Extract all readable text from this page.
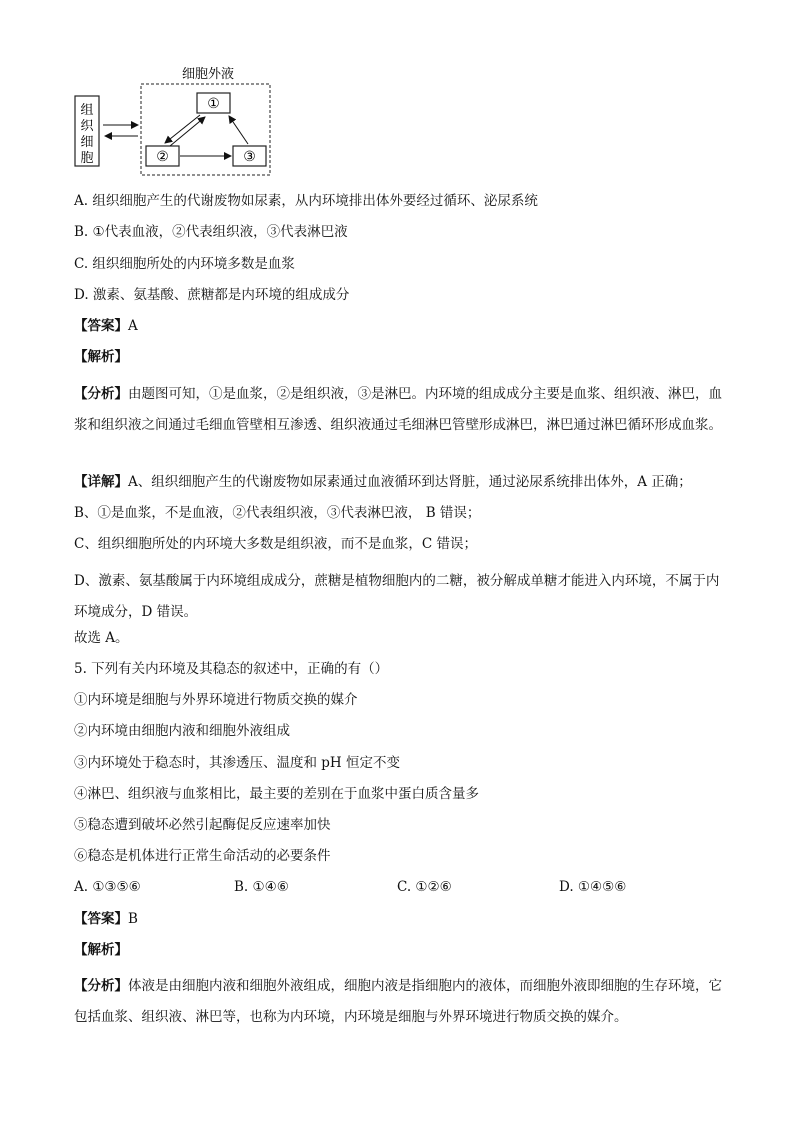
细胞外液
组
织
细
胞
①
②	③
A. 组织细胞产生的代谢废物如尿素，从内环境排出体外要经过循环、泌尿系统
B. ①代表血液，②代表组织液，③代表淋巴液
C. 组织细胞所处的内环境多数是血浆
D. 激素、氨基酸、蔗糖都是内环境的组成成分
【答案】A
【解析】
【分析】由题图可知，①是血浆，②是组织液，③是淋巴。内环境的组成成分主要是血浆、组织液、淋巴，血浆和组织液之间通过毛细血管壁相互渗透、组织液通过毛细淋巴管壁形成淋巴，淋巴通过淋巴循环形成血浆。
【详解】A、组织细胞产生的代谢废物如尿素通过血液循环到达肾脏，通过泌尿系统排出体外，A 正确；
B、①是血浆，不是血液，②代表组织液，③代表淋巴液， B 错误；
C、组织细胞所处的内环境大多数是组织液，而不是血浆，C 错误；
D、激素、氨基酸属于内环境组成成分，蔗糖是植物细胞内的二糖，被分解成单糖才能进入内环境，不属于内环境成分，D 错误。
故选 A。
5. 下列有关内环境及其稳态的叙述中，正确的有（）
①内环境是细胞与外界环境进行物质交换的媒介
②内环境由细胞内液和细胞外液组成
③内环境处于稳态时，其渗透压、温度和 pH 恒定不变
④淋巴、组织液与血浆相比，最主要的差别在于血浆中蛋白质含量多
⑤稳态遭到破坏必然引起酶促反应速率加快
⑥稳态是机体进行正常生命活动的必要条件
A. ①③⑤⑥	B. ①④⑥	C. ①②⑥	D. ①④⑤⑥
【答案】B
【解析】
【分析】体液是由细胞内液和细胞外液组成，细胞内液是指细胞内的液体，而细胞外液即细胞的生存环境，它包括血浆、组织液、淋巴等，也称为内环境，内环境是细胞与外界环境进行物质交换的媒介。
